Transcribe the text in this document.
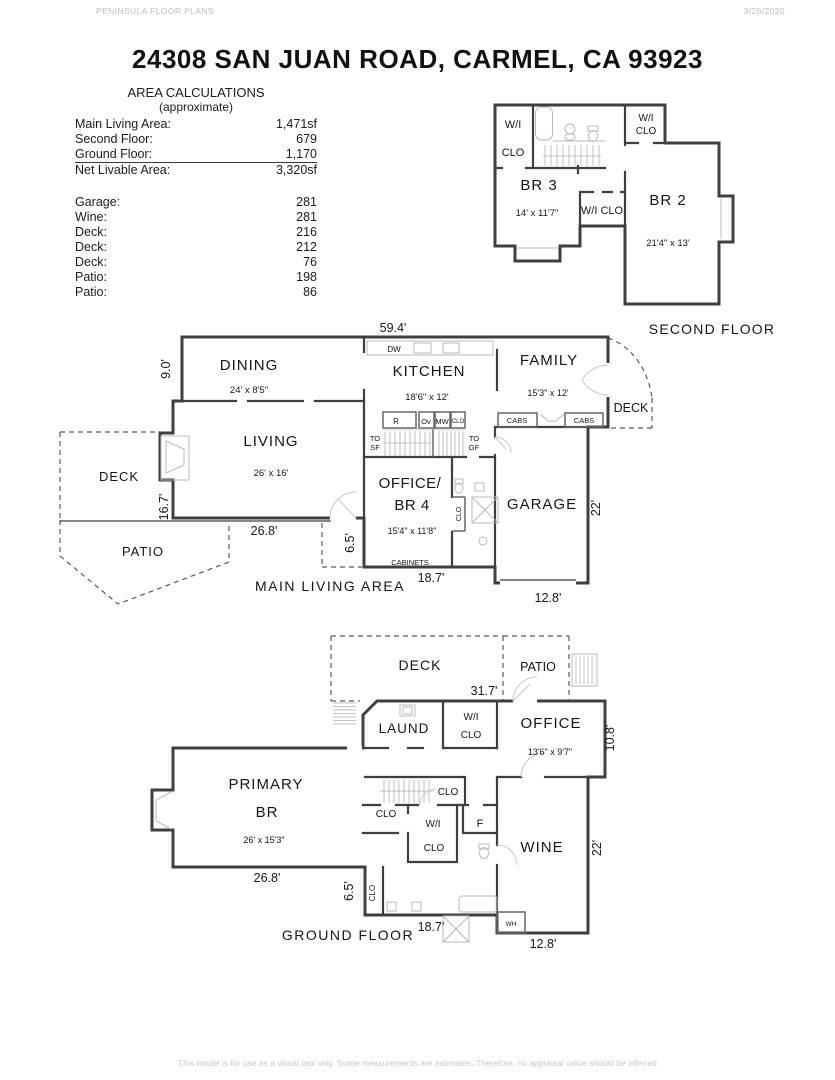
PENINSULA FLOOR PLANS	3/25/2020
24308 SAN JUAN ROAD, CARMEL, CA 93923
AREA CALCULATIONS
(approximate)
Main Living Area:	1,471sf
Second Floor:	679
Ground Floor:	1,170
Net Livable Area:	3,320sf
Garage:	281
Wine:	281
Deck:	216
Deck:	212
Deck:	76
Patio:	198
Patio:	86
W/I
CLO
BR 3
14' x 11'7" W/I CLO
W/I
CLO
BR 2
21'4" x 13'
SECOND FLOOR
59.4'
9.0'	DINING
24' x 8'5"
KITCHEN
18'6" x 12'
DW
FAMILY
15'3" x 12'
DECK
R	Ov MW CLO	CABS	CABS
TO
SF
TO
GF
LIVING
26' x 16'
DECK
16.7'
PATIO
26.8'
6.5'
OFFICE/
BR 4
15'4" x 11'8"
CLO
CABINETS
18.7'
GARAGE 22'
12.8'
MAIN LIVING AREA
DECK	PATIO
31.7'
LAUND
W/I
CLO
OFFICE
13'6" x 9'7"
10.8'
PRIMARY
BR
26' x 15'3"
CLO
CLO
W/I
CLO
F
WINE 22'
26.8'
6.5' CLO
GROUND FLOOR 18.7'	WH
12.8'
This model is for use as a visual tool only. Some measurements are estimates. Therefore, no appraisal value should be inferred
